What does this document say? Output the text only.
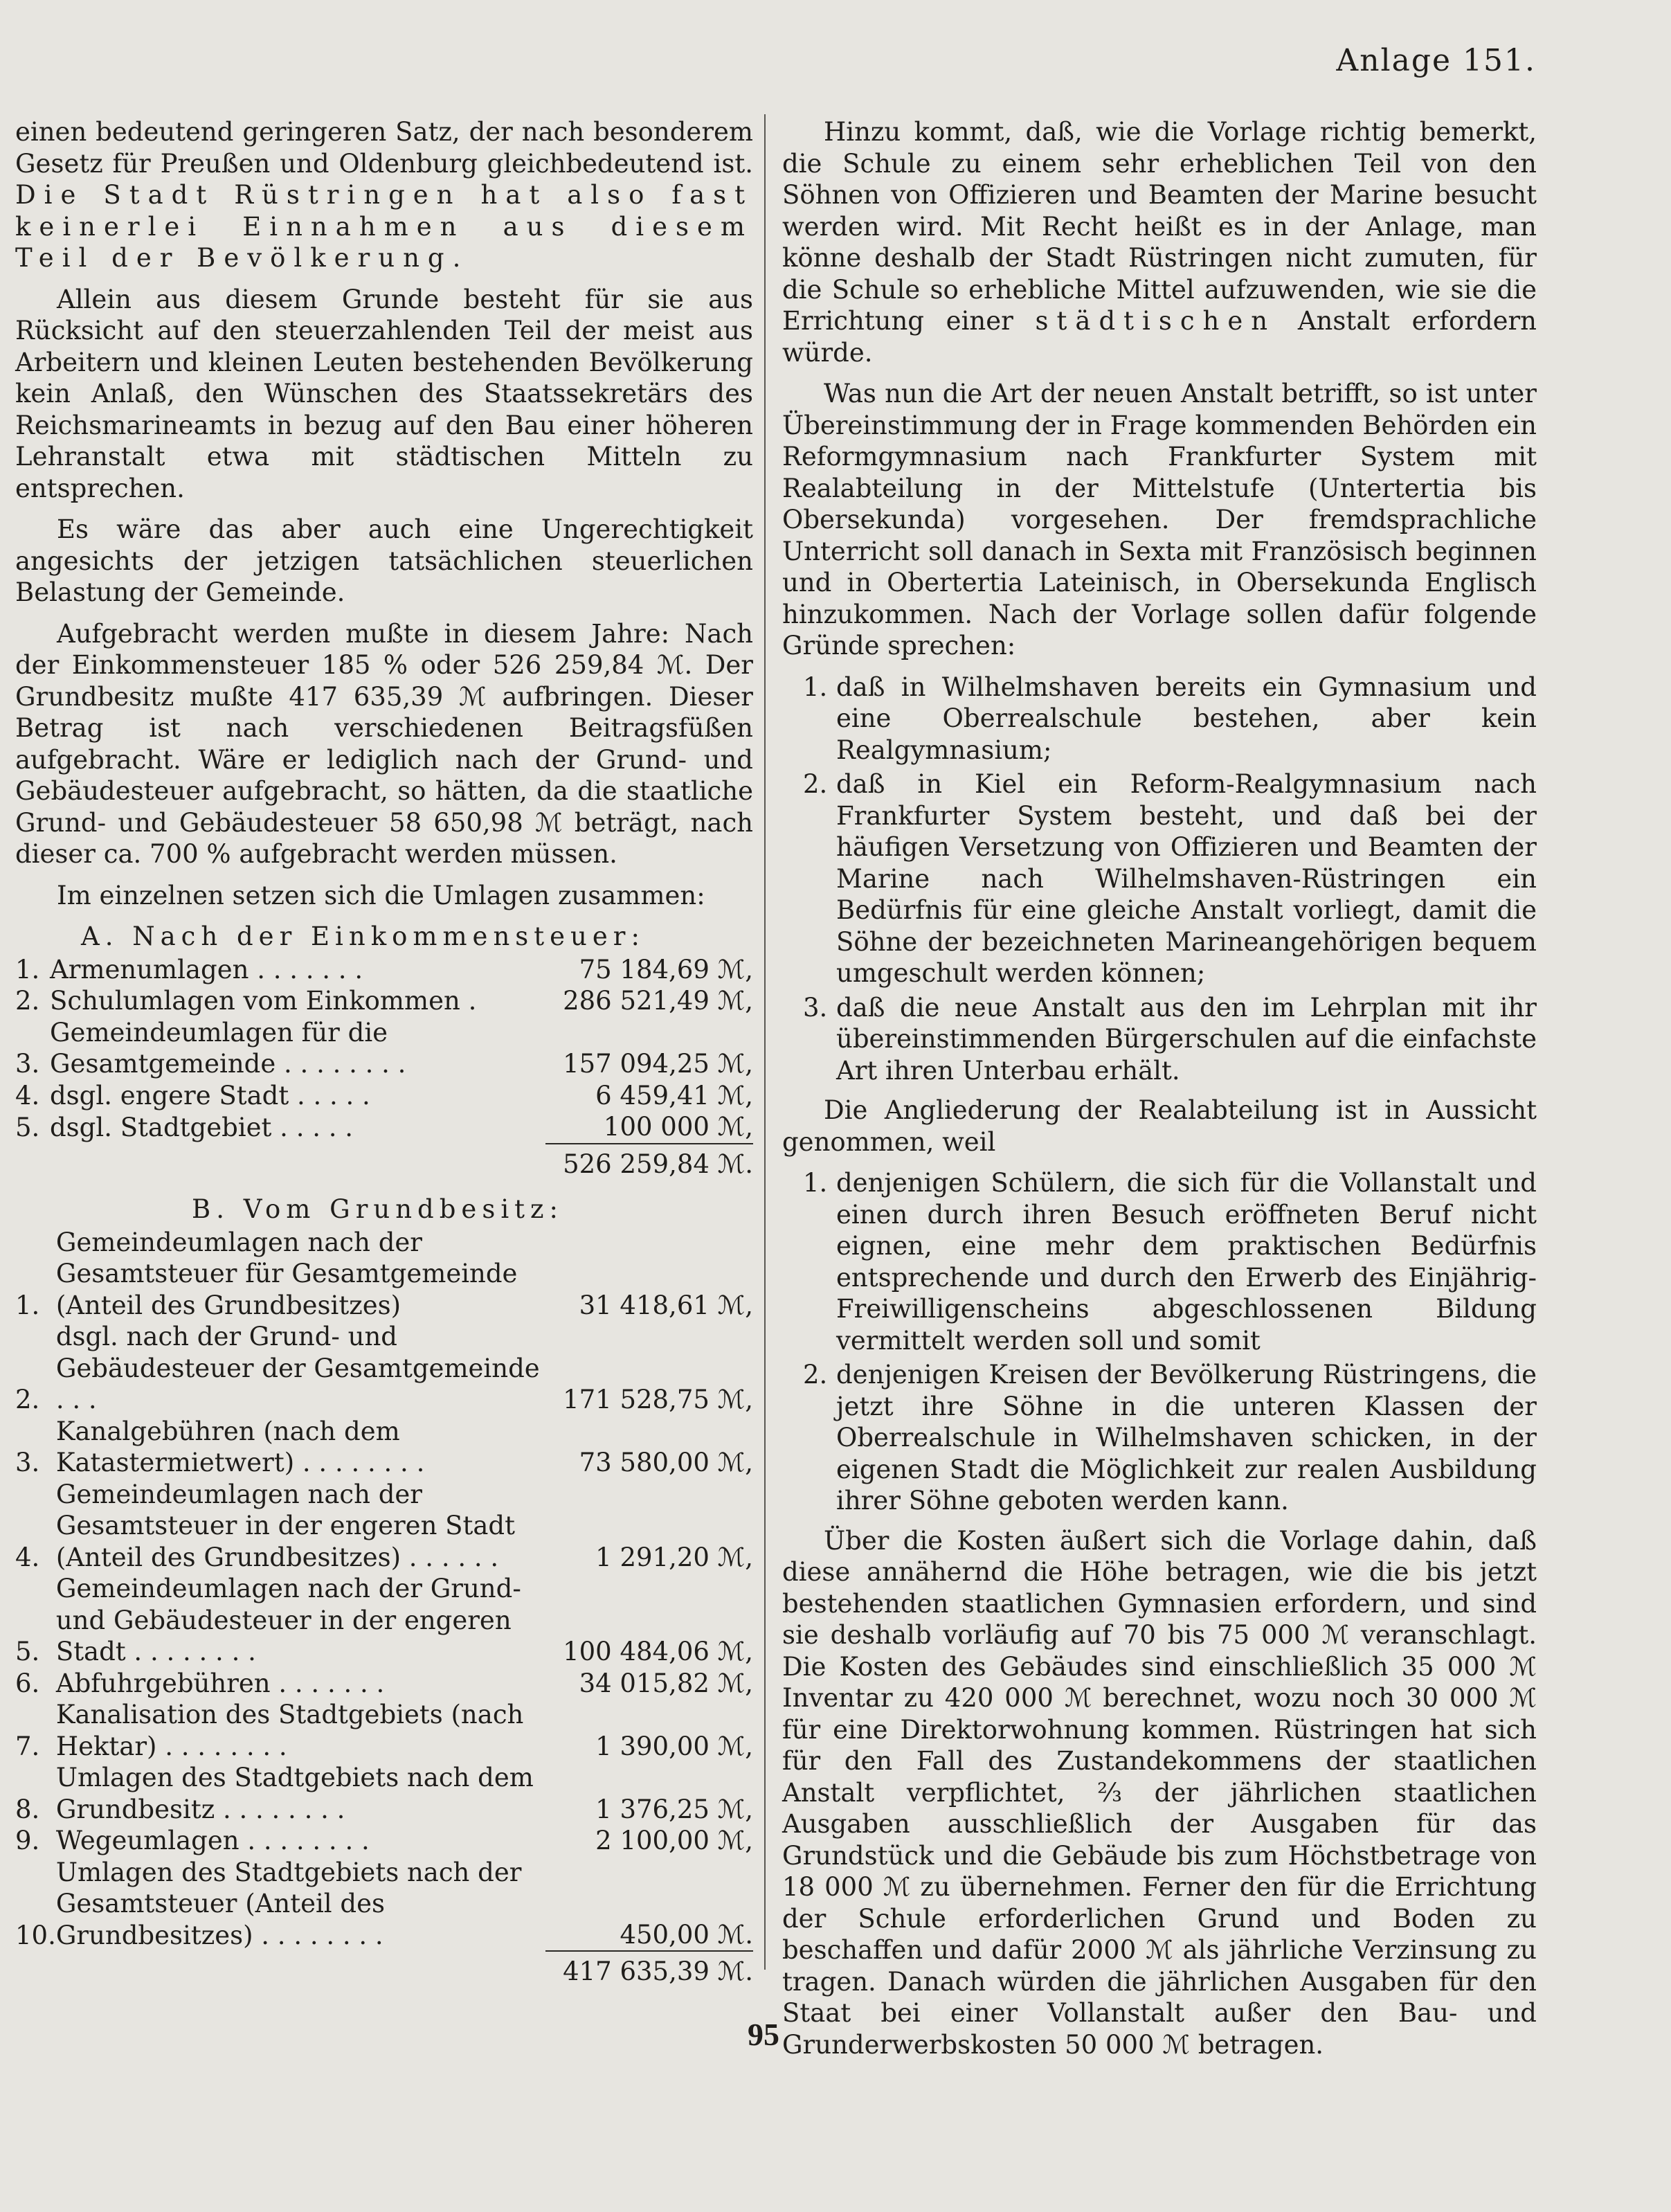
Anlage 151.

einen bedeutend geringeren Satz, der nach besonderem Gesetz für Preußen und Oldenburg gleichbedeutend ist. Die Stadt Rüstringen hat also fast keinerlei Einnahmen aus diesem Teil der Bevölkerung.

Allein aus diesem Grunde besteht für sie aus Rücksicht auf den steuerzahlenden Teil der meist aus Arbeitern und kleinen Leuten bestehenden Bevölkerung kein Anlaß, den Wünschen des Staatssekretärs des Reichsmarineamts in bezug auf den Bau einer höheren Lehranstalt etwa mit städtischen Mitteln zu entsprechen.

Es wäre das aber auch eine Ungerechtigkeit angesichts der jetzigen tatsächlichen steuerlichen Belastung der Gemeinde.

Aufgebracht werden mußte in diesem Jahre: Nach der Einkommensteuer 185 % oder 526 259,84 ℳ. Der Grundbesitz mußte 417 635,39 ℳ aufbringen. Dieser Betrag ist nach verschiedenen Beitragsfüßen aufgebracht. Wäre er lediglich nach der Grund- und Gebäudesteuer aufgebracht, so hätten, da die staatliche Grund- und Gebäudesteuer 58 650,98 ℳ beträgt, nach dieser ca. 700 % aufgebracht werden müssen.

Im einzelnen setzen sich die Umlagen zusammen:

A. Nach der Einkommensteuer:
1.	Armenumlagen . . . . . . .	75 184,69 ℳ,
2.	Schulumlagen vom Einkommen .	286 521,49 ℳ,
3.	Gemeindeumlagen für die Gesamtgemeinde . . . . . . . .	157 094,25 ℳ,
4.	dsgl. engere Stadt . . . . .	6 459,41 ℳ,
5.	dsgl. Stadtgebiet . . . . .	100 000 ℳ,
		526 259,84 ℳ.
B. Vom Grundbesitz:
1.	Gemeindeumlagen nach der Gesamtsteuer für Gesamtgemeinde (Anteil des Grundbesitzes)	31 418,61 ℳ,
2.	dsgl. nach der Grund- und Gebäudesteuer der Gesamtgemeinde . . .	171 528,75 ℳ,
3.	Kanalgebühren (nach dem Katastermietwert) . . . . . . . .	73 580,00 ℳ,
4.	Gemeindeumlagen nach der Gesamtsteuer in der engeren Stadt (Anteil des Grundbesitzes) . . . . . .	1 291,20 ℳ,
5.	Gemeindeumlagen nach der Grund- und Gebäudesteuer in der engeren Stadt . . . . . . . .	100 484,06 ℳ,
6.	Abfuhrgebühren . . . . . . .	34 015,82 ℳ,
7.	Kanalisation des Stadtgebiets (nach Hektar) . . . . . . . .	1 390,00 ℳ,
8.	Umlagen des Stadtgebiets nach dem Grundbesitz . . . . . . . .	1 376,25 ℳ,
9.	Wegeumlagen . . . . . . . .	2 100,00 ℳ,
10.	Umlagen des Stadtgebiets nach der Gesamtsteuer (Anteil des Grundbesitzes) . . . . . . . .	450,00 ℳ.
		417 635,39 ℳ.

Hinzu kommt, daß, wie die Vorlage richtig bemerkt, die Schule zu einem sehr erheblichen Teil von den Söhnen von Offizieren und Beamten der Marine besucht werden wird. Mit Recht heißt es in der Anlage, man könne deshalb der Stadt Rüstringen nicht zumuten, für die Schule so erhebliche Mittel aufzuwenden, wie sie die Errichtung einer städtischen Anstalt erfordern würde.

Was nun die Art der neuen Anstalt betrifft, so ist unter Übereinstimmung der in Frage kommenden Behörden ein Reformgymnasium nach Frankfurter System mit Realabteilung in der Mittelstufe (Untertertia bis Obersekunda) vorgesehen. Der fremdsprachliche Unterricht soll danach in Sexta mit Französisch beginnen und in Obertertia Lateinisch, in Obersekunda Englisch hinzukommen. Nach der Vorlage sollen dafür folgende Gründe sprechen:

1. daß in Wilhelmshaven bereits ein Gymnasium und eine Oberrealschule bestehen, aber kein Realgymnasium;
2. daß in Kiel ein Reform-Realgymnasium nach Frankfurter System besteht, und daß bei der häufigen Versetzung von Offizieren und Beamten der Marine nach Wilhelmshaven-Rüstringen ein Bedürfnis für eine gleiche Anstalt vorliegt, damit die Söhne der bezeichneten Marineangehörigen bequem umgeschult werden können;
3. daß die neue Anstalt aus den im Lehrplan mit ihr übereinstimmenden Bürgerschulen auf die einfachste Art ihren Unterbau erhält.

Die Angliederung der Realabteilung ist in Aussicht genommen, weil

1. denjenigen Schülern, die sich für die Vollanstalt und einen durch ihren Besuch eröffneten Beruf nicht eignen, eine mehr dem praktischen Bedürfnis entsprechende und durch den Erwerb des Einjährig-Freiwilligenscheins abgeschlossenen Bildung vermittelt werden soll und somit
2. denjenigen Kreisen der Bevölkerung Rüstringens, die jetzt ihre Söhne in die unteren Klassen der Oberrealschule in Wilhelmshaven schicken, in der eigenen Stadt die Möglichkeit zur realen Ausbildung ihrer Söhne geboten werden kann.

Über die Kosten äußert sich die Vorlage dahin, daß diese annähernd die Höhe betragen, wie die bis jetzt bestehenden staatlichen Gymnasien erfordern, und sind sie deshalb vorläufig auf 70 bis 75 000 ℳ veranschlagt. Die Kosten des Gebäudes sind einschließlich 35 000 ℳ Inventar zu 420 000 ℳ berechnet, wozu noch 30 000 ℳ für eine Direktorwohnung kommen. Rüstringen hat sich für den Fall des Zustandekommens der staatlichen Anstalt verpflichtet, ⅔ der jährlichen staatlichen Ausgaben ausschließlich der Ausgaben für das Grundstück und die Gebäude bis zum Höchstbetrage von 18 000 ℳ zu übernehmen. Ferner den für die Errichtung der Schule erforderlichen Grund und Boden zu beschaffen und dafür 2000 ℳ als jährliche Verzinsung zu tragen. Danach würden die jährlichen Ausgaben für den Staat bei einer Vollanstalt außer den Bau- und Grunderwerbskosten 50 000 ℳ betragen.

95
